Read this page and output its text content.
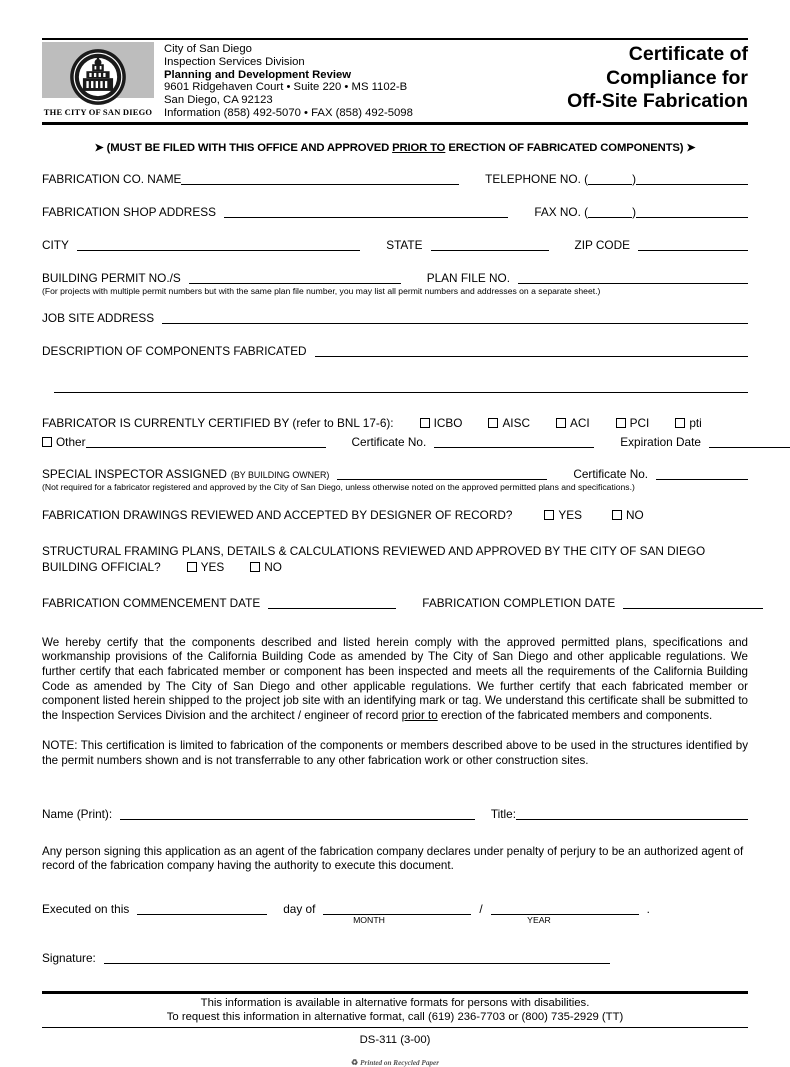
THE CITY OF SAN DIEGO
City of San Diego
Inspection Services Division
Planning and Development Review
9601 Ridgehaven Court • Suite 220 • MS 1102-B
San Diego, CA 92123
Information (858) 492-5070 • FAX (858) 492-5098
Certificate of
Compliance for
Off-Site Fabrication
➤ (MUST BE FILED WITH THIS OFFICE AND APPROVED PRIOR TO ERECTION OF FABRICATED COMPONENTS) ➤
FABRICATION CO. NAME	TELEPHONE NO. (	)
FABRICATION SHOP ADDRESS	FAX NO. (	)
CITY	STATE	ZIP CODE
BUILDING PERMIT NO./S	PLAN FILE NO.
(For projects with multiple permit numbers but with the same plan file number, you may list all permit numbers and addresses on a separate sheet.)
JOB SITE ADDRESS
DESCRIPTION OF COMPONENTS FABRICATED
FABRICATOR IS CURRENTLY CERTIFIED BY (refer to BNL 17-6):	ICBO	AISC	ACI	PCI	pti
Other	Certificate No.	Expiration Date
SPECIAL INSPECTOR ASSIGNED (BY BUILDING OWNER)	Certificate No.
(Not required for a fabricator registered and approved by the City of San Diego, unless otherwise noted on the approved permitted plans and specifications.)
FABRICATION DRAWINGS REVIEWED AND ACCEPTED BY DESIGNER OF RECORD?	YES	NO
STRUCTURAL FRAMING PLANS, DETAILS & CALCULATIONS REVIEWED AND APPROVED BY THE CITY OF SAN DIEGO
BUILDING OFFICIAL?	YES	NO
FABRICATION COMMENCEMENT DATE	FABRICATION COMPLETION DATE
We hereby certify that the components described and listed herein comply with the approved permitted plans, specifications and workmanship provisions of the California Building Code as amended by The City of San Diego and other applicable regulations. We further certify that each fabricated member or component has been inspected and meets all the requirements of the California Building Code as amended by The City of San Diego and other applicable regulations. We further certify that each fabricated member or component listed herein shipped to the project job site with an identifying mark or tag. We understand this certificate shall be submitted to the Inspection Services Division and the architect / engineer of record prior to erection of the fabricated members and components.
NOTE: This certification is limited to fabrication of the components or members described above to be used in the structures identified by the permit numbers shown and is not transferrable to any other fabrication work or other construction sites.
Name (Print):	Title:
Any person signing this application as an agent of the fabrication company declares under penalty of perjury to be an authorized agent of record of the fabrication company having the authority to execute this document.
Executed on this	day of	/	.
MONTH	YEAR
Signature:
This information is available in alternative formats for persons with disabilities.
To request this information in alternative format, call (619) 236-7703 or (800) 735-2929 (TT)
DS-311 (3-00)
♻ Printed on Recycled Paper
